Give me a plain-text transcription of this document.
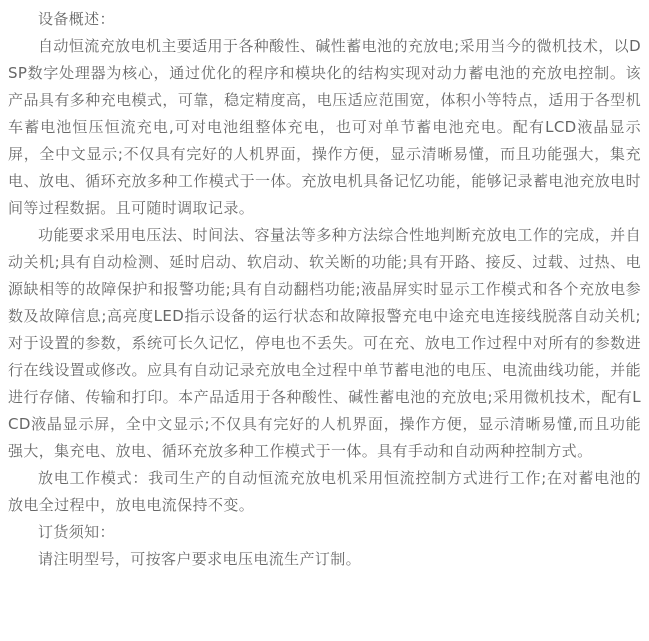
设备概述：

自动恒流充放电机主要适用于各种酸性、碱性蓄电池的充放电;采用当今的微机技术，以DSP数字处理器为核心，通过优化的程序和模块化的结构实现对动力蓄电池的充放电控制。该产品具有多种充电模式，可靠，稳定精度高，电压适应范围宽，体积小等特点，适用于各型机车蓄电池恒压恒流充电,可对电池组整体充电，也可对单节蓄电池充电。配有LCD液晶显示屏，全中文显示;不仅具有完好的人机界面，操作方便，显示清晰易懂，而且功能强大，集充电、放电、循环充放多种工作模式于一体。充放电机具备记忆功能，能够记录蓄电池充放电时间等过程数据。且可随时调取记录。

功能要求采用电压法、时间法、容量法等多种方法综合性地判断充放电工作的完成，并自动关机;具有自动检测、延时启动、软启动、软关断的功能;具有开路、接反、过载、过热、电源缺相等的故障保护和报警功能;具有自动翻档功能;液晶屏实时显示工作模式和各个充放电参数及故障信息;高亮度LED指示设备的运行状态和故障报警充电中途充电连接线脱落自动关机;对于设置的参数，系统可长久记忆，停电也不丢失。可在充、放电工作过程中对所有的参数进行在线设置或修改。应具有自动记录充放电全过程中单节蓄电池的电压、电流曲线功能，并能进行存储、传输和打印。本产品适用于各种酸性、碱性蓄电池的充放电;采用微机技术，配有LCD液晶显示屏，全中文显示;不仅具有完好的人机界面，操作方便，显示清晰易懂,而且功能强大，集充电、放电、循环充放多种工作模式于一体。具有手动和自动两种控制方式。

放电工作模式：我司生产的自动恒流充放电机采用恒流控制方式进行工作;在对蓄电池的放电全过程中，放电电流保持不变。

订货须知：

请注明型号，可按客户要求电压电流生产订制。
